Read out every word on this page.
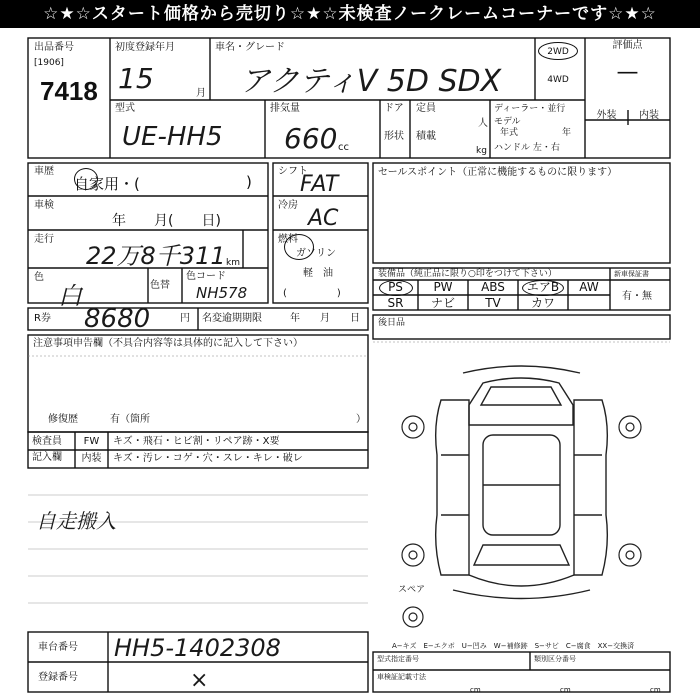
☆★☆スタート価格から売切り☆★☆未検査ノークレームコーナーです☆★☆
出品番号
[1906]
7418
初度登録年月
15	月
車名・グレード
アクティV 5D SDX
2WD
4WD
評価点
—
外装	内装
型式
UE-HH5
排気量
660 cc
ドア
形状
定員
人
積載
kg
ディーラー・並行
モデル
年式	年
ハンドル 左・右
車歴
自家用・(	)
車検
年　　月(　　日)
走行
22万8千311 km
色
白	色替
色コード
NH578
シフト
FAT
冷房
AC
燃料
ガソリン
軽　油
(　　　　　)
R券 8680	円 名変逾期期限	年　　月　　日
セールスポイント（正常に機能するものに限ります）
装備品（純正品に限り○印をつけて下さい）	新車保証書
有・無
PS	PW	ABS	エアB	AW
SR	ナビ	TV	カワ
後日品
注意事項申告欄（不具合内容等は具体的に記入して下さい）
修復歴	有（箇所	）
検査員
記入欄
FW	キズ・飛石・ヒビ割・リペア跡・X要
内装	キズ・汚レ・コゲ・穴・スレ・キレ・破レ
自走搬入
スペア
A−キズ　E−エクボ　U−凹み　W−補修跡　S−サビ　C−腐食　XX−交換済
型式指定番号	類別区分番号
車検証記載寸法
cm	cm	cm
車台番号 HH5-1402308
登録番号	×
